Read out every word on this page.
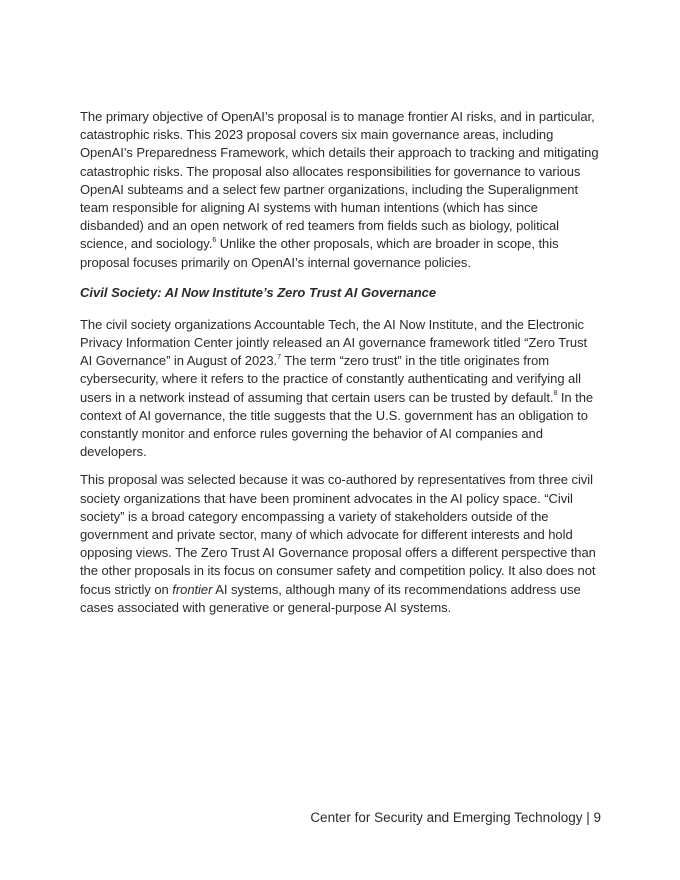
The primary objective of OpenAI’s proposal is to manage frontier AI risks, and in particular, catastrophic risks. This 2023 proposal covers six main governance areas, including OpenAI’s Preparedness Framework, which details their approach to tracking and mitigating catastrophic risks. The proposal also allocates responsibilities for governance to various OpenAI subteams and a select few partner organizations, including the Superalignment team responsible for aligning AI systems with human intentions (which has since disbanded) and an open network of red teamers from fields such as biology, political science, and sociology.$^6$ Unlike the other proposals, which are broader in scope, this proposal focuses primarily on OpenAI’s internal governance policies.

Civil Society: AI Now Institute’s Zero Trust AI Governance

The civil society organizations Accountable Tech, the AI Now Institute, and the Electronic Privacy Information Center jointly released an AI governance framework titled “Zero Trust AI Governance” in August of 2023.$^7$ The term “zero trust” in the title originates from cybersecurity, where it refers to the practice of constantly authenticating and verifying all users in a network instead of assuming that certain users can be trusted by default.$^8$ In the context of AI governance, the title suggests that the U.S. government has an obligation to constantly monitor and enforce rules governing the behavior of AI companies and developers.

This proposal was selected because it was co-authored by representatives from three civil society organizations that have been prominent advocates in the AI policy space. “Civil society” is a broad category encompassing a variety of stakeholders outside of the government and private sector, many of which advocate for different interests and hold opposing views. The Zero Trust AI Governance proposal offers a different perspective than the other proposals in its focus on consumer safety and competition policy. It also does not focus strictly on frontier AI systems, although many of its recommendations address use cases associated with generative or general-purpose AI systems.

Center for Security and Emerging Technology | 9
